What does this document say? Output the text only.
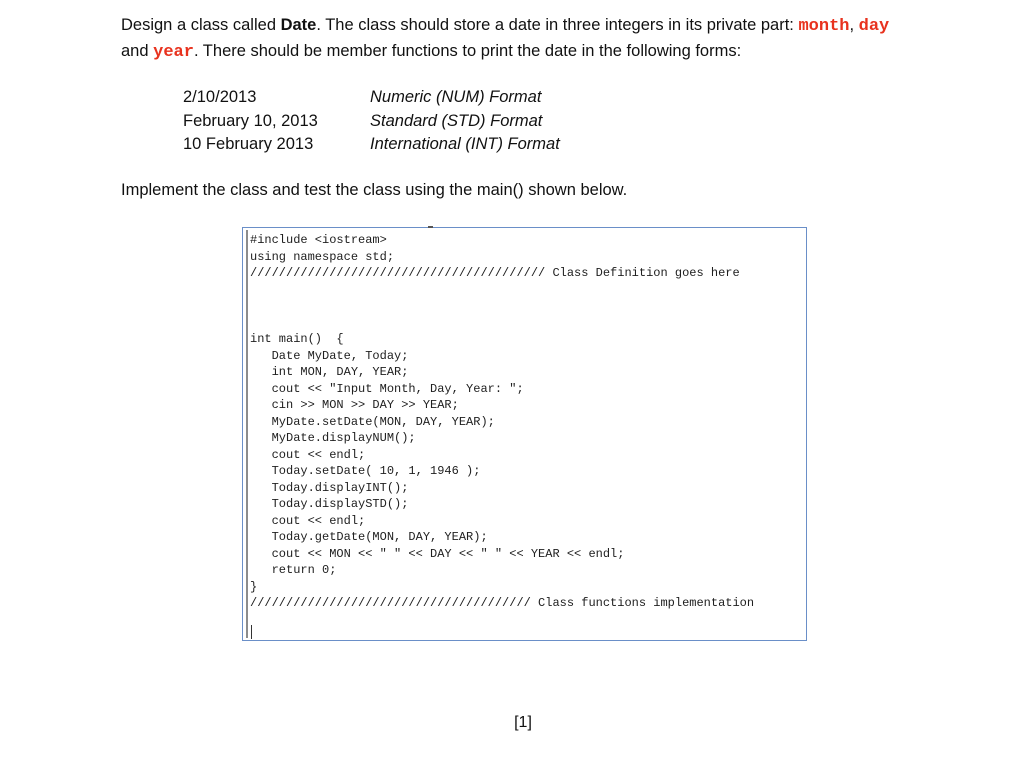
Design a class called Date. The class should store a date in three integers in its private part: month, day
and year. There should be member functions to print the date in the following forms:
2/10/2013	Numeric (NUM) Format
February 10, 2013	Standard (STD) Format
10 February 2013	International (INT) Format
Implement the class and test the class using the main() shown below.
#include <iostream>
using namespace std;
///////////////////////////////////////// Class Definition goes here
int main()  {
Date MyDate, Today;
int MON, DAY, YEAR;
cout << "Input Month, Day, Year: ";
cin >> MON >> DAY >> YEAR;
MyDate.setDate(MON, DAY, YEAR);
MyDate.displayNUM();
cout << endl;
Today.setDate( 10, 1, 1946 );
Today.displayINT();
Today.displaySTD();
cout << endl;
Today.getDate(MON, DAY, YEAR);
cout << MON << " " << DAY << " " << YEAR << endl;
return 0;
}
/////////////////////////////////////// Class functions implementation
[1]
